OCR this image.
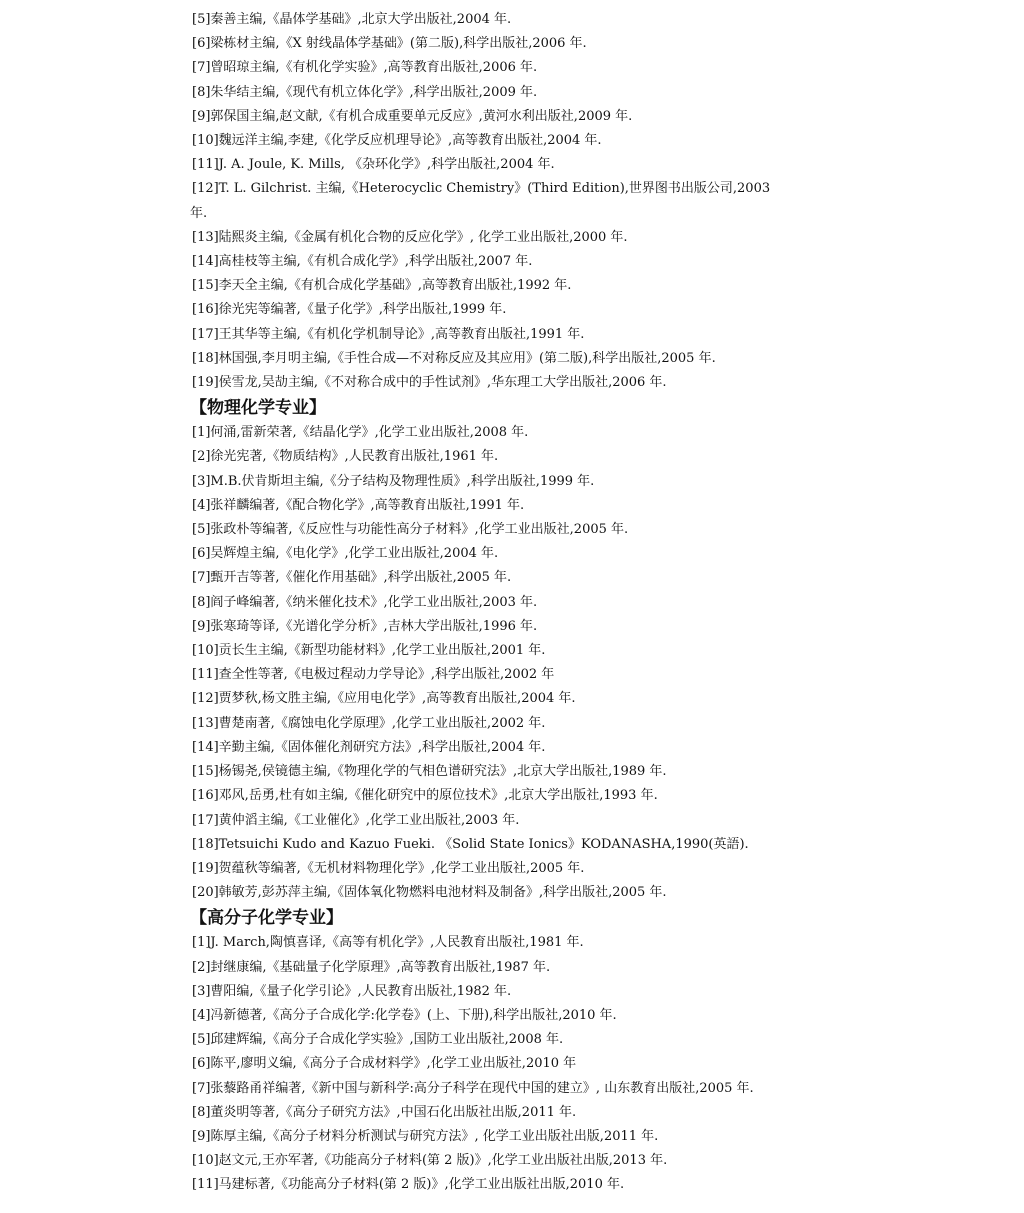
[5]秦善主编,《晶体学基础》,北京大学出版社,2004 年.
[6]梁栋材主编,《X 射线晶体学基础》(第二版),科学出版社,2006 年.
[7]曾昭琼主编,《有机化学实验》,高等教育出版社,2006 年.
[8]朱华结主编,《现代有机立体化学》,科学出版社,2009 年.
[9]郭保国主编,赵文献,《有机合成重要单元反应》,黄河水利出版社,2009 年.
[10]魏远洋主编,李建,《化学反应机理导论》,高等教育出版社,2004 年.
[11]J. A. Joule, K. Mills, 《杂环化学》,科学出版社,2004 年.
[12]T. L. Gilchrist. 主编,《Heterocyclic Chemistry》(Third Edition),世界图书出版公司,2003
年.
[13]陆熙炎主编,《金属有机化合物的反应化学》, 化学工业出版社,2000 年.
[14]高桂枝等主编,《有机合成化学》,科学出版社,2007 年.
[15]李天全主编,《有机合成化学基础》,高等教育出版社,1992 年.
[16]徐光宪等编著,《量子化学》,科学出版社,1999 年.
[17]王其华等主编,《有机化学机制导论》,高等教育出版社,1991 年.
[18]林国强,李月明主编,《手性合成—不对称反应及其应用》(第二版),科学出版社,2005 年.
[19]侯雪龙,吴劼主编,《不对称合成中的手性试剂》,华东理工大学出版社,2006 年.
【物理化学专业】
[1]何涌,雷新荣著,《结晶化学》,化学工业出版社,2008 年.
[2]徐光宪著,《物质结构》,人民教育出版社,1961 年.
[3]M.B.伏肯斯坦主编,《分子结构及物理性质》,科学出版社,1999 年.
[4]张祥麟编著,《配合物化学》,高等教育出版社,1991 年.
[5]张政朴等编著,《反应性与功能性高分子材料》,化学工业出版社,2005 年.
[6]吴辉煌主编,《电化学》,化学工业出版社,2004 年.
[7]甄开吉等著,《催化作用基础》,科学出版社,2005 年.
[8]阎子峰编著,《纳米催化技术》,化学工业出版社,2003 年.
[9]张寒琦等译,《光谱化学分析》,吉林大学出版社,1996 年.
[10]贡长生主编,《新型功能材料》,化学工业出版社,2001 年.
[11]查全性等著,《电极过程动力学导论》,科学出版社,2002 年
[12]贾梦秋,杨文胜主编,《应用电化学》,高等教育出版社,2004 年.
[13]曹楚南著,《腐蚀电化学原理》,化学工业出版社,2002 年.
[14]辛勤主编,《固体催化剂研究方法》,科学出版社,2004 年.
[15]杨锡尧,侯镜德主编,《物理化学的气相色谱研究法》,北京大学出版社,1989 年.
[16]邓风,岳勇,杜有如主编,《催化研究中的原位技术》,北京大学出版社,1993 年.
[17]黄仲滔主编,《工业催化》,化学工业出版社,2003 年.
[18]Tetsuichi Kudo and Kazuo Fueki. 《Solid State Ionics》KODANASHA,1990(英語).
[19]贺蕴秋等编著,《无机材料物理化学》,化学工业出版社,2005 年.
[20]韩敏芳,彭苏萍主编,《固体氧化物燃料电池材料及制备》,科学出版社,2005 年.
【高分子化学专业】
[1]J. March,陶慎喜译,《高等有机化学》,人民教育出版社,1981 年.
[2]封继康编,《基础量子化学原理》,高等教育出版社,1987 年.
[3]曹阳编,《量子化学引论》,人民教育出版社,1982 年.
[4]冯新德著,《高分子合成化学:化学卷》(上、下册),科学出版社,2010 年.
[5]邱建辉编,《高分子合成化学实验》,国防工业出版社,2008 年.
[6]陈平,廖明义编,《高分子合成材料学》,化学工业出版社,2010 年
[7]张藜路甬祥编著,《新中国与新科学:高分子科学在现代中国的建立》, 山东教育出版社,2005 年.
[8]董炎明等著,《高分子研究方法》,中国石化出版社出版,2011 年.
[9]陈厚主编,《高分子材料分析测试与研究方法》, 化学工业出版社出版,2011 年.
[10]赵文元,王亦军著,《功能高分子材料(第 2 版)》,化学工业出版社出版,2013 年.
[11]马建标著,《功能高分子材料(第 2 版)》,化学工业出版社出版,2010 年.
